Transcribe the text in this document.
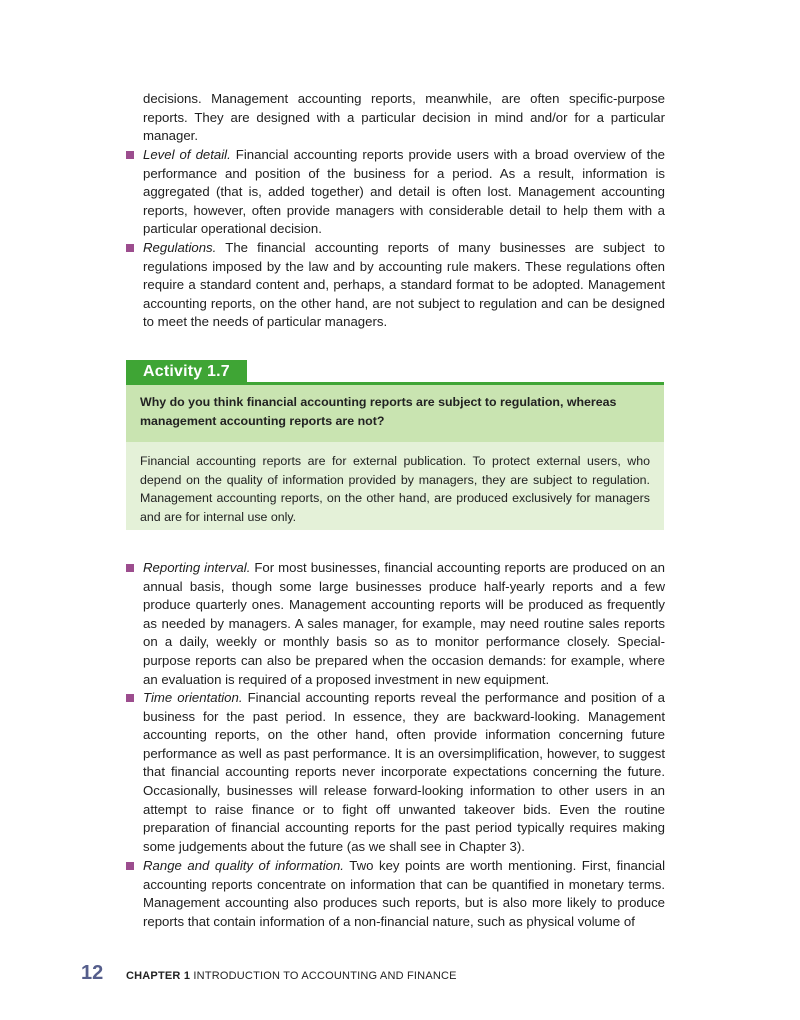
decisions. Management accounting reports, meanwhile, are often specific-purpose reports. They are designed with a particular decision in mind and/or for a particular manager.

Level of detail. Financial accounting reports provide users with a broad overview of the performance and position of the business for a period. As a result, information is aggregated (that is, added together) and detail is often lost. Management accounting reports, however, often provide managers with considerable detail to help them with a particular operational decision.
Regulations. The financial accounting reports of many businesses are subject to regulations imposed by the law and by accounting rule makers. These regulations often require a standard content and, perhaps, a standard format to be adopted. Management accounting reports, on the other hand, are not subject to regulation and can be designed to meet the needs of particular managers.
Activity 1.7

Why do you think financial accounting reports are subject to regulation, whereas management accounting reports are not?

Financial accounting reports are for external publication. To protect external users, who depend on the quality of information provided by managers, they are subject to regulation. Management accounting reports, on the other hand, are produced exclusively for managers and are for internal use only.

Reporting interval. For most businesses, financial accounting reports are produced on an annual basis, though some large businesses produce half-yearly reports and a few produce quarterly ones. Management accounting reports will be produced as frequently as needed by managers. A sales manager, for example, may need routine sales reports on a daily, weekly or monthly basis so as to monitor performance closely. Special-purpose reports can also be prepared when the occasion demands: for example, where an evaluation is required of a proposed investment in new equipment.
Time orientation. Financial accounting reports reveal the performance and position of a business for the past period. In essence, they are backward-looking. Management accounting reports, on the other hand, often provide information concerning future performance as well as past performance. It is an oversimplification, however, to suggest that financial accounting reports never incorporate expectations concerning the future. Occasionally, businesses will release forward-looking information to other users in an attempt to raise finance or to fight off unwanted takeover bids. Even the routine preparation of financial accounting reports for the past period typically requires making some judgements about the future (as we shall see in Chapter 3).
Range and quality of information. Two key points are worth mentioning. First, financial accounting reports concentrate on information that can be quantified in monetary terms. Management accounting also produces such reports, but is also more likely to produce reports that contain information of a non-financial nature, such as physical volume of
12 CHAPTER 1 INTRODUCTION TO ACCOUNTING AND FINANCE
